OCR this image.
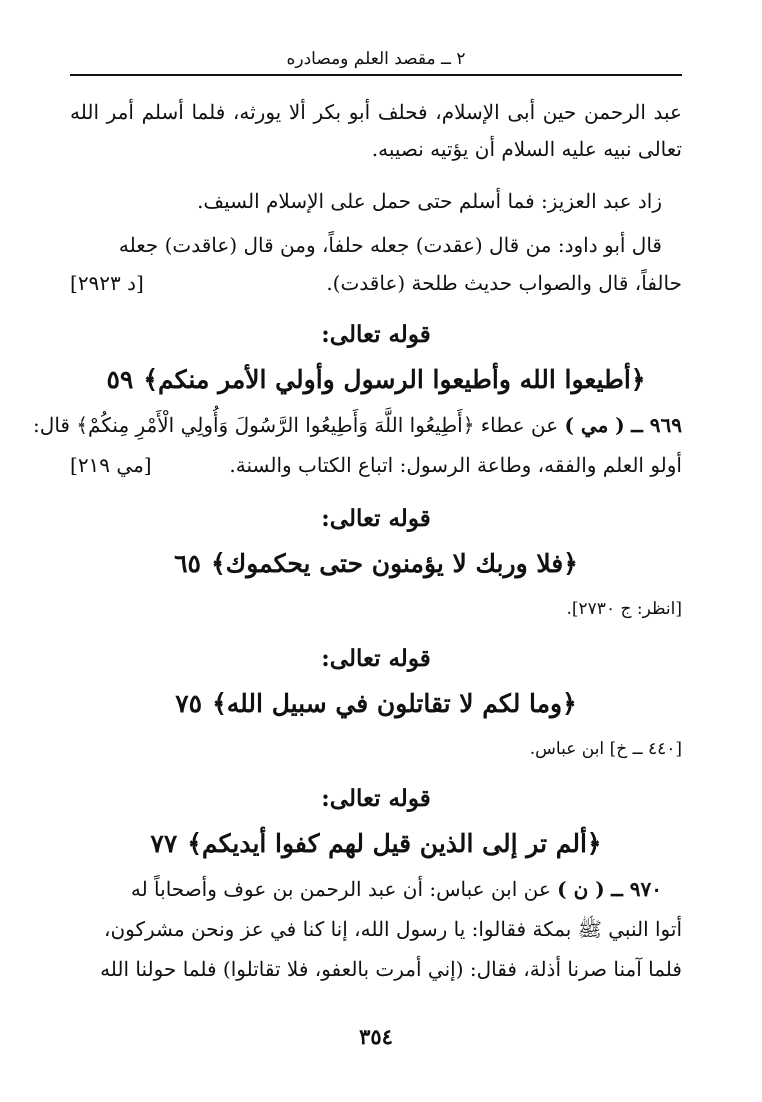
٢ ــ مقصد العلم ومصادره
عبد الرحمن حين أبى الإسلام، فحلف أبو بكر ألا يورثه، فلما أسلم أمر الله تعالى نبيه عليه السلام أن يؤتيه نصيبه.
زاد عبد العزيز: فما أسلم حتى حمل على الإسلام السيف.
قال أبو داود: من قال (عقدت) جعله حلفاً، ومن قال (عاقدت) جعله
حالفاً، قال والصواب حديث طلحة (عاقدت).
[د ٢٩٢٣]
قوله تعالى:
﴿أطيعوا الله وأطيعوا الرسول وأولي الأمر منكم﴾٥٩
٩٦٩ ــ ( مي ) عن عطاء ﴿أَطِيعُوا اللَّهَ وَأَطِيعُوا الرَّسُولَ وَأُولِي الْأَمْرِ مِنكُمْ﴾ قال:
أولو العلم والفقه، وطاعة الرسول: اتباع الكتاب والسنة.
[مي ٢١٩]
قوله تعالى:
﴿فلا وربك لا يؤمنون حتى يحكموك﴾٦٥
[انظر: ج ٢٧٣٠].
قوله تعالى:
﴿وما لكم لا تقاتلون في سبيل الله﴾٧٥
[٤٤٠ ــ خ] ابن عباس.
قوله تعالى:
﴿ألم تر إلى الذين قيل لهم كفوا أيديكم﴾٧٧
٩٧٠ ــ ( ن ) عن ابن عباس: أن عبد الرحمن بن عوف وأصحاباً له
أتوا النبي ﷺ بمكة فقالوا: يا رسول الله، إنا كنا في عز ونحن مشركون،
فلما آمنا صرنا أذلة، فقال: (إني أمرت بالعفو، فلا تقاتلوا) فلما حولنا الله
٣٥٤
